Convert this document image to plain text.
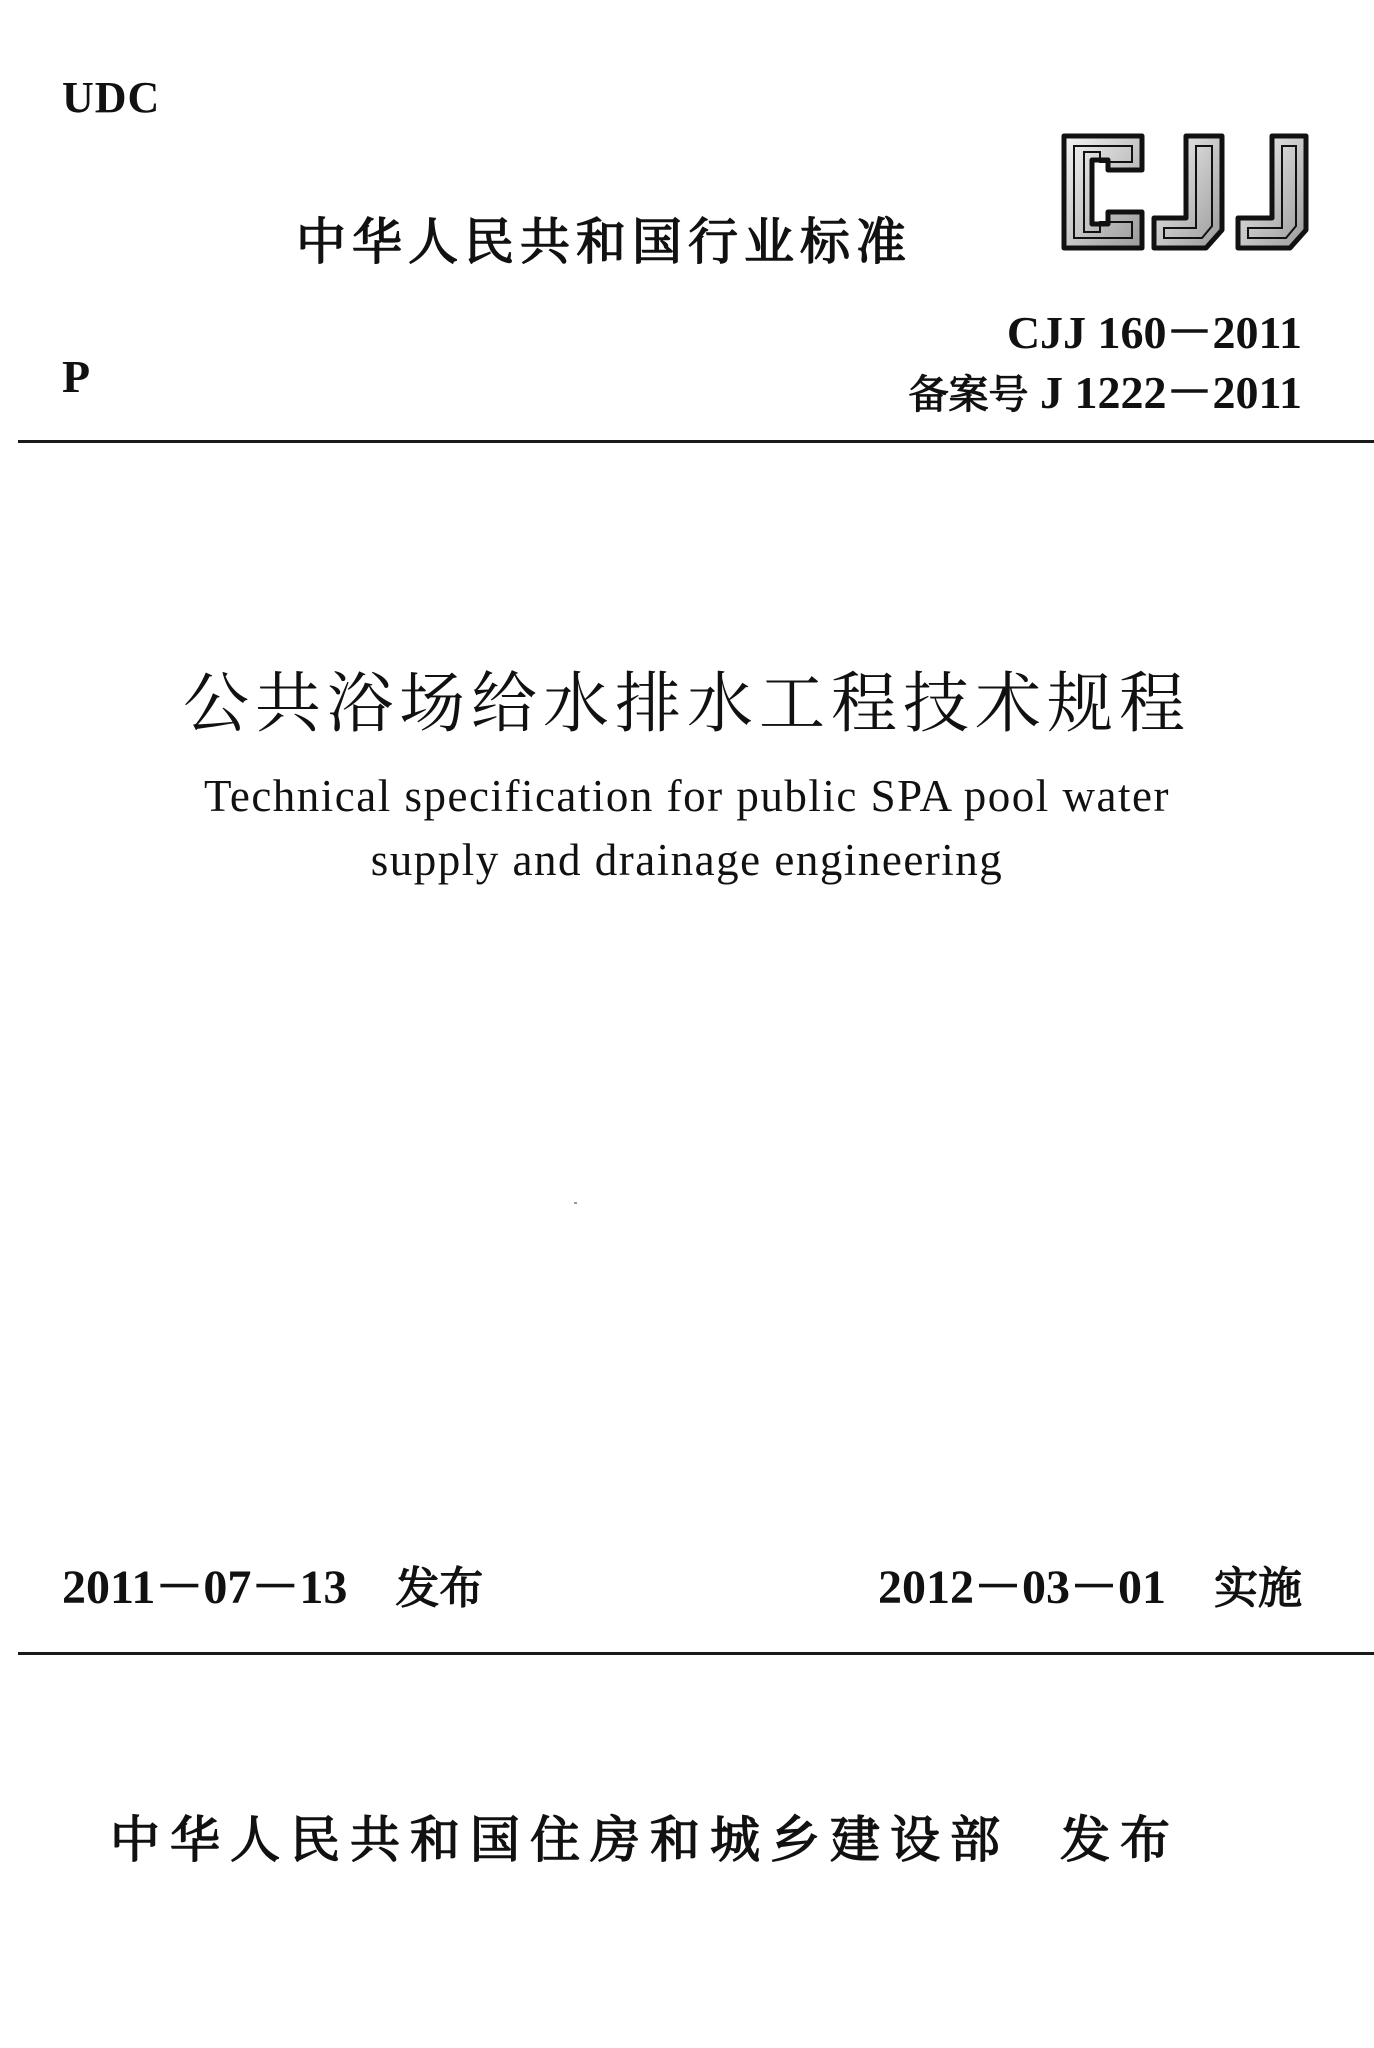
UDC
中华人民共和国行业标准
CJJ
P
CJJ 160－2011
备案号 J 1222－2011
公共浴场给水排水工程技术规程
Technical specification for public SPA pool water
supply and drainage engineering
2011－07－13 发布	2012－03－01 实施
中华人民共和国住房和城乡建设部 发布
